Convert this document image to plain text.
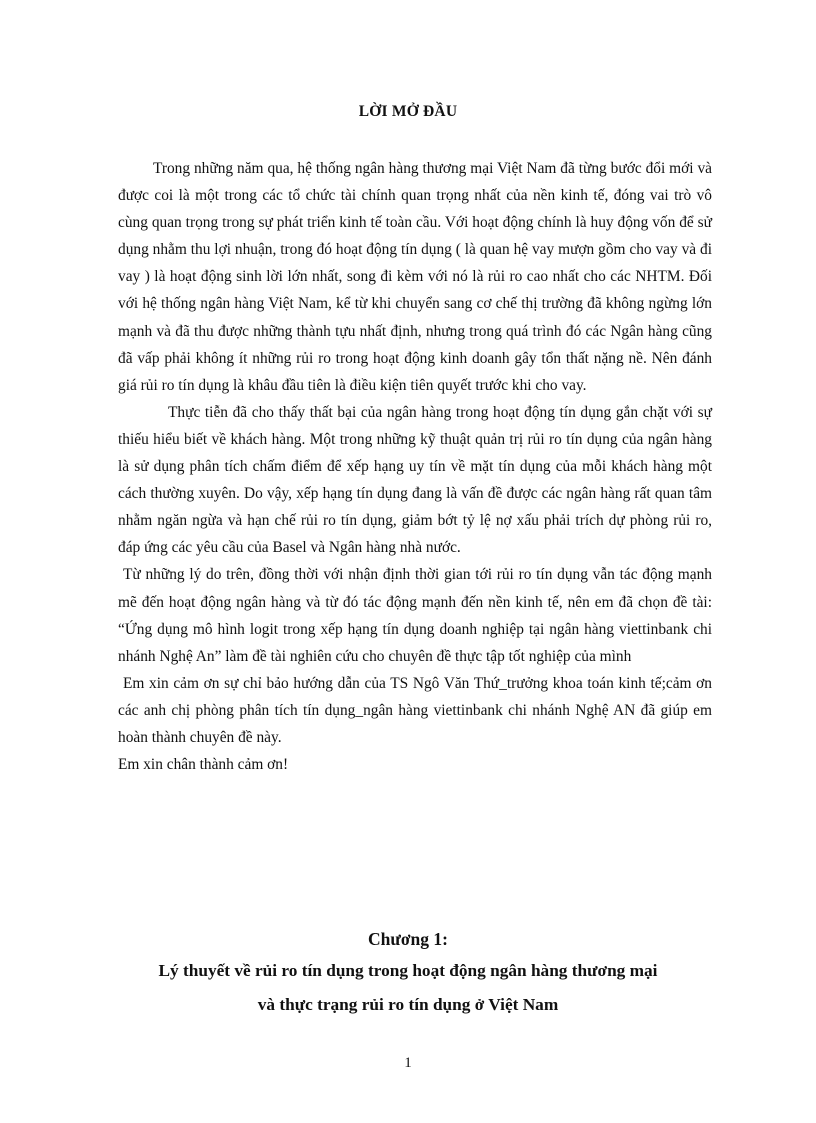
LỜI MỞ ĐẦU

Trong những năm qua, hệ thống ngân hàng thương mại Việt Nam đã từng bước đổi mới và được coi là một trong các tổ chức tài chính quan trọng nhất của nền kinh tế, đóng vai trò vô cùng quan trọng trong sự phát triển kinh tế toàn cầu. Với hoạt động chính là huy động vốn để sử dụng nhằm thu lợi nhuận, trong đó hoạt động tín dụng ( là quan hệ vay mượn gồm cho vay và đi vay ) là hoạt động sinh lời lớn nhất, song đi kèm với nó là rủi ro cao nhất cho các NHTM. Đối với hệ thống ngân hàng Việt Nam, kể từ khi chuyển sang cơ chế thị trường đã không ngừng lớn mạnh và đã thu được những thành tựu nhất định, nhưng trong quá trình đó các Ngân hàng cũng đã vấp phải không ít những rủi ro trong hoạt động kinh doanh gây tổn thất nặng nề. Nên đánh giá rủi ro tín dụng là khâu đầu tiên là điều kiện tiên quyết trước khi cho vay.

Thực tiễn đã cho thấy thất bại của ngân hàng trong hoạt động tín dụng gắn chặt với sự thiếu hiểu biết về khách hàng. Một trong những kỹ thuật quản trị rủi ro tín dụng của ngân hàng là sử dụng phân tích chấm điểm để xếp hạng uy tín về mặt tín dụng của mỗi khách hàng một cách thường xuyên. Do vậy, xếp hạng tín dụng đang là vấn đề được các ngân hàng rất quan tâm nhằm ngăn ngừa và hạn chế rủi ro tín dụng, giảm bớt tỷ lệ nợ xấu phải trích dự phòng rủi ro, đáp ứng các yêu cầu của Basel và Ngân hàng nhà nước.

Từ những lý do trên, đồng thời với nhận định thời gian tới rủi ro tín dụng vẫn tác động mạnh mẽ đến hoạt động ngân hàng và từ đó tác động mạnh đến nền kinh tế, nên em đã chọn đề tài: “Ứng dụng mô hình logit trong xếp hạng tín dụng doanh nghiệp tại ngân hàng viettinbank chi nhánh Nghệ An” làm đề tài nghiên cứu cho chuyên đề thực tập tốt nghiệp của mình

Em xin cảm ơn sự chỉ bảo hướng dẫn của TS Ngô Văn Thứ_trưởng khoa toán kinh tế;cảm ơn các anh chị phòng phân tích tín dụng_ngân hàng viettinbank chi nhánh Nghệ AN đã giúp em hoàn thành chuyên đề này.

Em xin chân thành cảm ơn!

Chương 1:
Lý thuyết về rủi ro tín dụng trong hoạt động ngân hàng thương mại
và thực trạng rủi ro tín dụng ở Việt Nam
1
